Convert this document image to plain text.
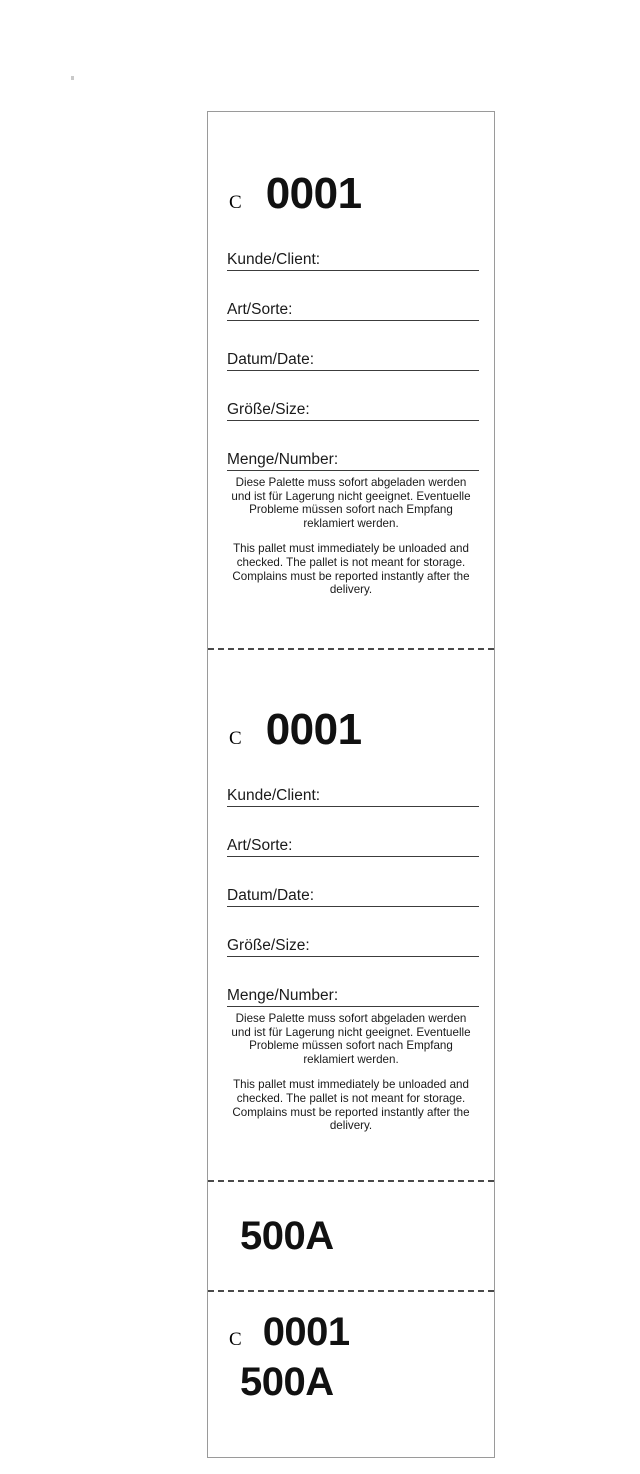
C 0001
Kunde/Client:
Art/Sorte:
Datum/Date:
Größe/Size:
Menge/Number:

Diese Palette muss sofort abgeladen werden und ist für Lagerung nicht geeignet. Eventuelle Probleme müssen sofort nach Empfang reklamiert werden.

This pallet must immediately be unloaded and checked. The pallet is not meant for storage. Complains must be reported instantly after the delivery.

C 0001
Kunde/Client:
Art/Sorte:
Datum/Date:
Größe/Size:
Menge/Number:

Diese Palette muss sofort abgeladen werden und ist für Lagerung nicht geeignet. Eventuelle Probleme müssen sofort nach Empfang reklamiert werden.

This pallet must immediately be unloaded and checked. The pallet is not meant for storage. Complains must be reported instantly after the delivery.

500A
C 0001
500A
